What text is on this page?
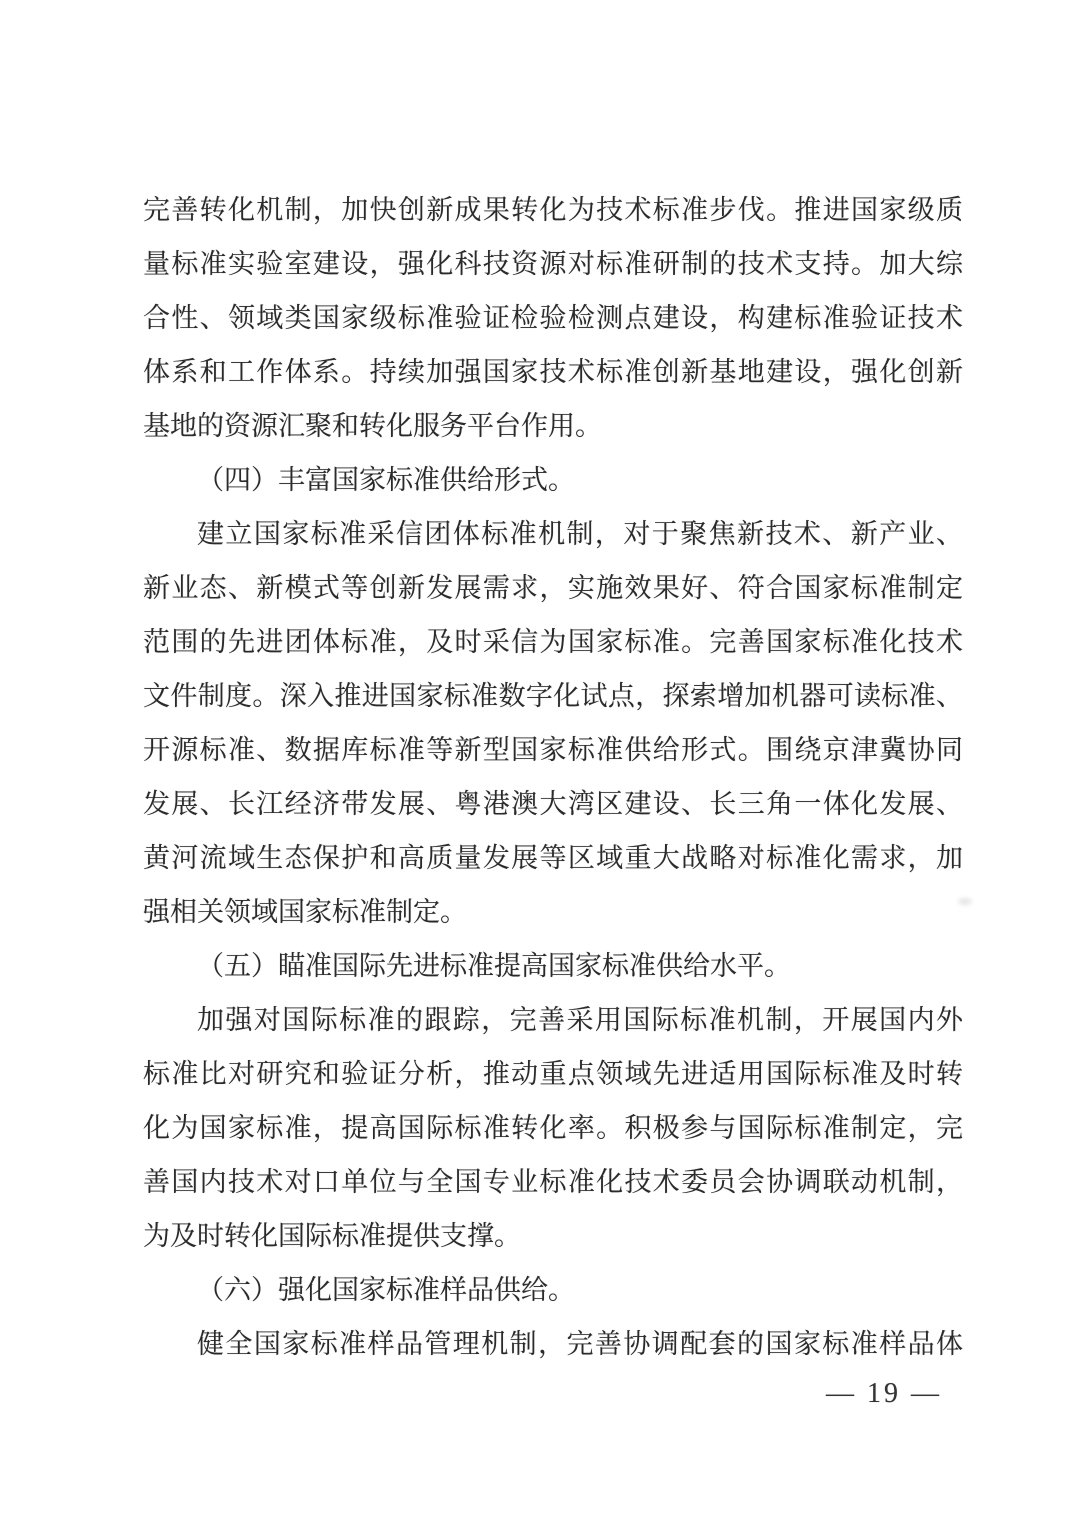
完善转化机制，加快创新成果转化为技术标准步伐。推进国家级质
量标准实验室建设，强化科技资源对标准研制的技术支持。加大综
合性、领域类国家级标准验证检验检测点建设，构建标准验证技术
体系和工作体系。持续加强国家技术标准创新基地建设，强化创新
基地的资源汇聚和转化服务平台作用。
（四）丰富国家标准供给形式。
建立国家标准采信团体标准机制，对于聚焦新技术、新产业、
新业态、新模式等创新发展需求，实施效果好、符合国家标准制定
范围的先进团体标准，及时采信为国家标准。完善国家标准化技术
文件制度。深入推进国家标准数字化试点，探索增加机器可读标准、
开源标准、数据库标准等新型国家标准供给形式。围绕京津冀协同
发展、长江经济带发展、粤港澳大湾区建设、长三角一体化发展、
黄河流域生态保护和高质量发展等区域重大战略对标准化需求，加
强相关领域国家标准制定。
（五）瞄准国际先进标准提高国家标准供给水平。
加强对国际标准的跟踪，完善采用国际标准机制，开展国内外
标准比对研究和验证分析，推动重点领域先进适用国际标准及时转
化为国家标准，提高国际标准转化率。积极参与国际标准制定，完
善国内技术对口单位与全国专业标准化技术委员会协调联动机制，
为及时转化国际标准提供支撑。
（六）强化国家标准样品供给。
健全国家标准样品管理机制，完善协调配套的国家标准样品体
— 19 —
